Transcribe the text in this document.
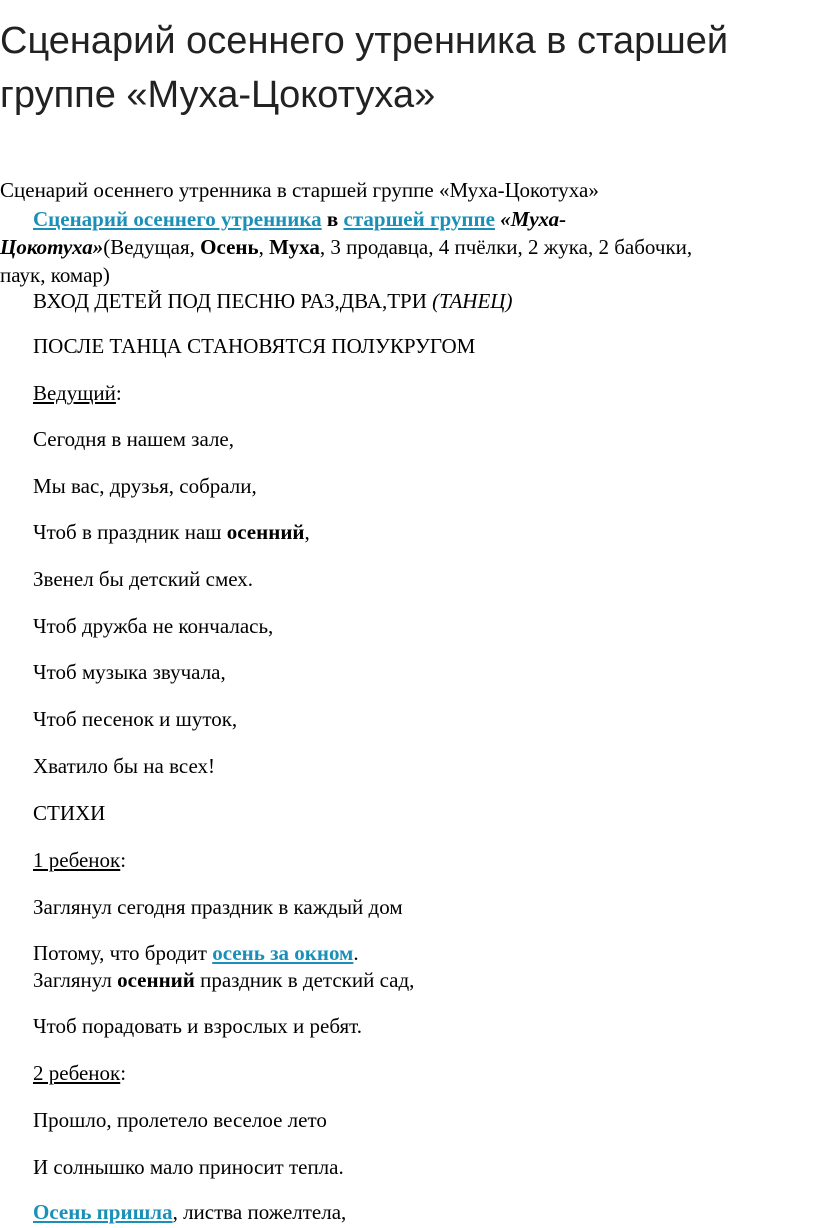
Сценарий осеннего утренника в старшей
группе «Муха-Цокотуха»
Сценарий осеннего утренника в старшей группе «Муха-Цокотуха»
Сценарий осеннего утренника в старшей группе «Муха-
Цокотуха»(Ведущая, Осень, Муха, 3 продавца, 4 пчёлки, 2 жука, 2 бабочки,
паук, комар)
ВХОД ДЕТЕЙ ПОД ПЕСНЮ РАЗ,ДВА,ТРИ (ТАНЕЦ)
ПОСЛЕ ТАНЦА СТАНОВЯТСЯ ПОЛУКРУГОМ
Ведущий:
Сегодня в нашем зале,
Мы вас, друзья, собрали,
Чтоб в праздник наш осенний,
Звенел бы детский смех.
Чтоб дружба не кончалась,
Чтоб музыка звучала,
Чтоб песенок и шуток,
Хватило бы на всех!
СТИХИ
1 ребенок:
Заглянул сегодня праздник в каждый дом
Потому, что бродит осень за окном.
Заглянул осенний праздник в детский сад,
Чтоб порадовать и взрослых и ребят.
2 ребенок:
Прошло, пролетело веселое лето
И солнышко мало приносит тепла.
Осень пришла, листва пожелтела,
